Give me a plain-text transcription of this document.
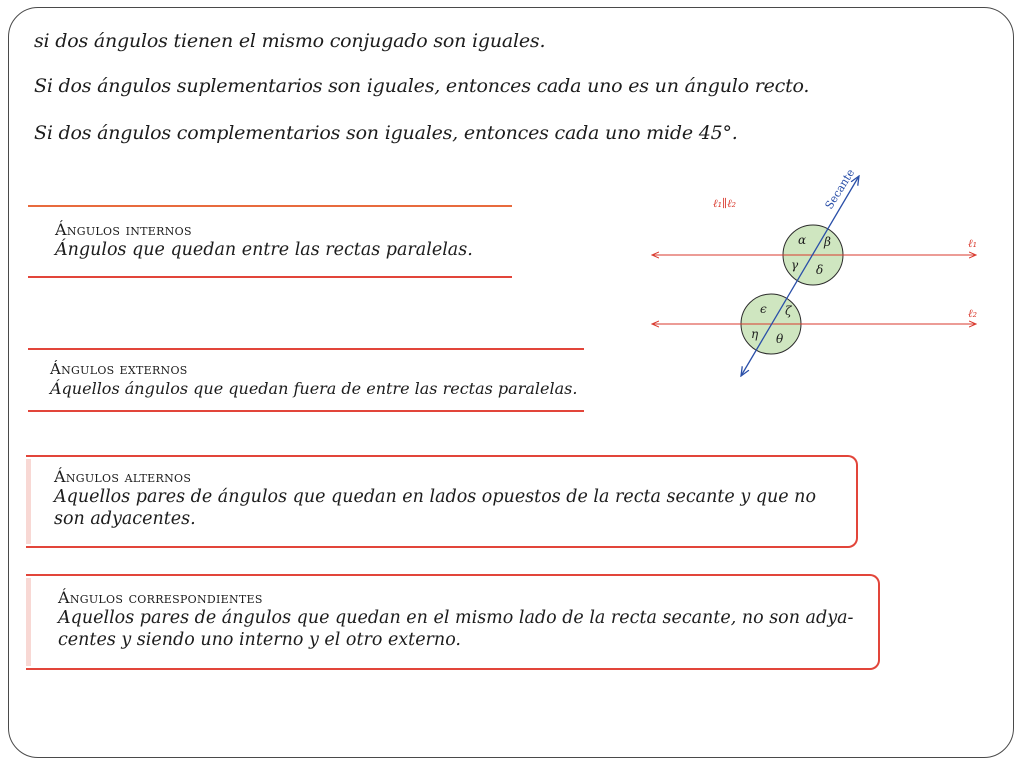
si dos ángulos tienen el mismo conjugado son iguales.
Si dos ángulos suplementarios son iguales, entonces cada uno es un ángulo recto.
Si dos ángulos complementarios son iguales, entonces cada uno mide 45°.
Ángulos internos
Ángulos que quedan entre las rectas paralelas.
Ángulos externos
Áquellos ángulos que quedan fuera de entre las rectas paralelas.
Ángulos alternos
Aquellos pares de ángulos que quedan en lados opuestos de la recta secante y que no son adyacentes.
Ángulos correspondientes
Aquellos pares de ángulos que quedan en el mismo lado de la recta secante, no son adya-centes y siendo uno interno y el otro externo.
ℓ₁∥ℓ₂	Secante
ℓ₁
ℓ₂
α β
γ δ
ϵ ζ
η θ
